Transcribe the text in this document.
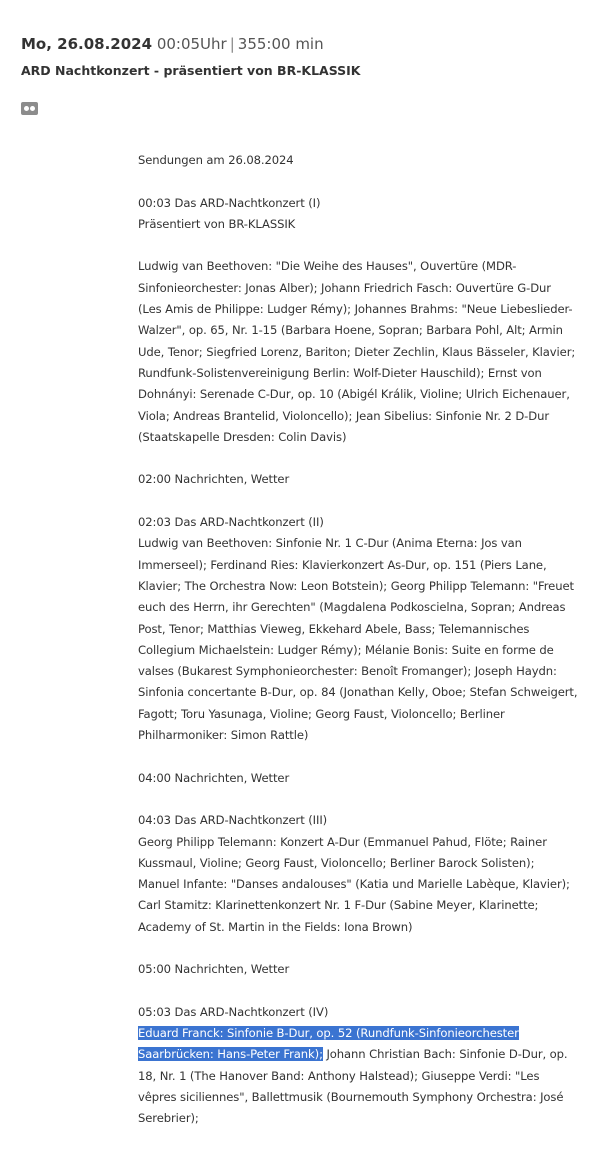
Mo, 26.08.2024 00:05Uhr | 355:00 min
ARD Nachtkonzert - präsentiert von BR-KLASSIK
Sendungen am 26.08.2024
00:03 Das ARD-Nachtkonzert (I)
Präsentiert von BR-KLASSIK
Ludwig van Beethoven: "Die Weihe des Hauses", Ouvertüre (MDR-Sinfonieorchester: Jonas Alber); Johann Friedrich Fasch: Ouvertüre G-Dur (Les Amis de Philippe: Ludger Rémy); Johannes Brahms: "Neue Liebeslieder-Walzer", op. 65, Nr. 1-15 (Barbara Hoene, Sopran; Barbara Pohl, Alt; Armin Ude, Tenor; Siegfried Lorenz, Bariton; Dieter Zechlin, Klaus Bässeler, Klavier; Rundfunk-Solistenvereinigung Berlin: Wolf-Dieter Hauschild); Ernst von Dohnányi: Serenade C-Dur, op. 10 (Abigél Králik, Violine; Ulrich Eichenauer, Viola; Andreas Brantelid, Violoncello); Jean Sibelius: Sinfonie Nr. 2 D-Dur (Staatskapelle Dresden: Colin Davis)
02:00 Nachrichten, Wetter
02:03 Das ARD-Nachtkonzert (II)
Ludwig van Beethoven: Sinfonie Nr. 1 C-Dur (Anima Eterna: Jos van Immerseel); Ferdinand Ries: Klavierkonzert As-Dur, op. 151 (Piers Lane, Klavier; The Orchestra Now: Leon Botstein); Georg Philipp Telemann: "Freuet euch des Herrn, ihr Gerechten" (Magdalena Podkoscielna, Sopran; Andreas Post, Tenor; Matthias Vieweg, Ekkehard Abele, Bass; Telemannisches Collegium Michaelstein: Ludger Rémy); Mélanie Bonis: Suite en forme de valses (Bukarest Symphonieorchester: Benoît Fromanger); Joseph Haydn: Sinfonia concertante B-Dur, op. 84 (Jonathan Kelly, Oboe; Stefan Schweigert, Fagott; Toru Yasunaga, Violine; Georg Faust, Violoncello; Berliner Philharmoniker: Simon Rattle)
04:00 Nachrichten, Wetter
04:03 Das ARD-Nachtkonzert (III)
Georg Philipp Telemann: Konzert A-Dur (Emmanuel Pahud, Flöte; Rainer Kussmaul, Violine; Georg Faust, Violoncello; Berliner Barock Solisten); Manuel Infante: "Danses andalouses" (Katia und Marielle Labèque, Klavier); Carl Stamitz: Klarinettenkonzert Nr. 1 F-Dur (Sabine Meyer, Klarinette; Academy of St. Martin in the Fields: Iona Brown)
05:00 Nachrichten, Wetter
05:03 Das ARD-Nachtkonzert (IV)
Eduard Franck: Sinfonie B-Dur, op. 52 (Rundfunk-Sinfonieorchester
Saarbrücken: Hans-Peter Frank); Johann Christian Bach: Sinfonie D-Dur, op.
18, Nr. 1 (The Hanover Band: Anthony Halstead); Giuseppe Verdi: "Les vêpres siciliennes", Ballettmusik (Bournemouth Symphony Orchestra: José Serebrier);
